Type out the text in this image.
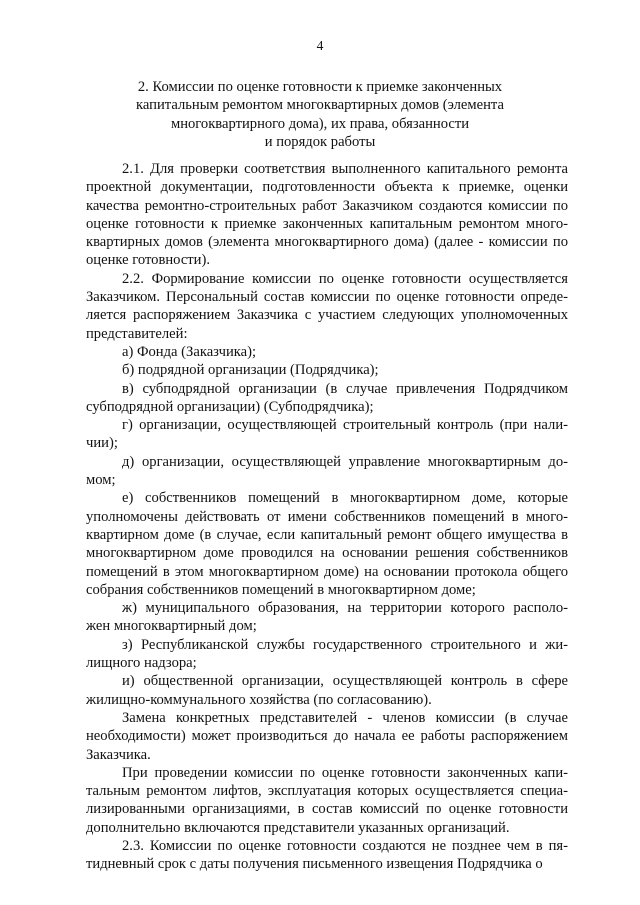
4
2. Комиссии по оценке готовности к приемке законченных
капитальным ремонтом многоквартирных домов (элемента
многоквартирного дома), их права, обязанности
и порядок работы
2.1. Для проверки соответствия выполненного капитального ремонта
проектной документации, подготовленности объекта к приемке, оценки
качества ремонтно-строительных работ Заказчиком создаются комиссии по
оценке готовности к приемке законченных капитальным ремонтом много-
квартирных домов (элемента многоквартирного дома) (далее - комиссии по
оценке готовности).
2.2. Формирование комиссии по оценке готовности осуществляется
Заказчиком. Персональный состав комиссии по оценке готовности опреде-
ляется распоряжением Заказчика с участием следующих уполномоченных
представителей:
а) Фонда (Заказчика);
б) подрядной организации (Подрядчика);
в) субподрядной организации (в случае привлечения Подрядчиком
субподрядной организации) (Субподрядчика);
г) организации, осуществляющей строительный контроль (при нали-
чии);
д) организации, осуществляющей управление многоквартирным до-
мом;
е) собственников помещений в многоквартирном доме, которые
уполномочены действовать от имени собственников помещений в много-
квартирном доме (в случае, если капитальный ремонт общего имущества в
многоквартирном доме проводился на основании решения собственников
помещений в этом многоквартирном доме) на основании протокола общего
собрания собственников помещений в многоквартирном доме;
ж) муниципального образования, на территории которого располо-
жен многоквартирный дом;
з) Республиканской службы государственного строительного и жи-
лищного надзора;
и) общественной организации, осуществляющей контроль в сфере
жилищно-коммунального хозяйства (по согласованию).
Замена конкретных представителей - членов комиссии (в случае
необходимости) может производиться до начала ее работы распоряжением
Заказчика.
При проведении комиссии по оценке готовности законченных капи-
тальным ремонтом лифтов, эксплуатация которых осуществляется специа-
лизированными организациями, в состав комиссий по оценке готовности
дополнительно включаются представители указанных организаций.
2.3. Комиссии по оценке готовности создаются не позднее чем в пя-
тидневный срок с даты получения письменного извещения Подрядчика о
